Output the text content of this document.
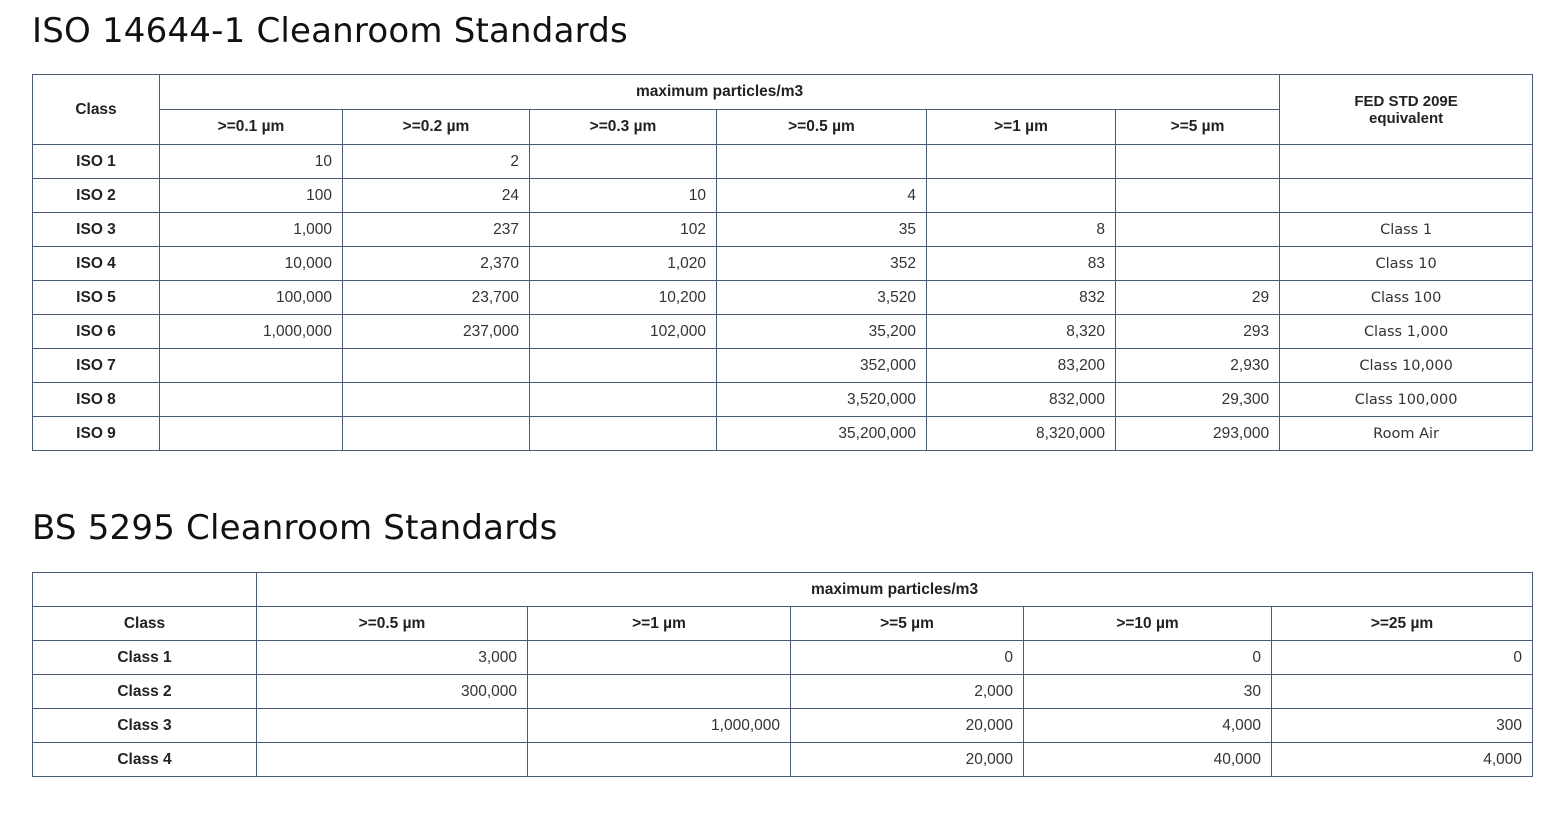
ISO 14644-1 Cleanroom Standards
Class	maximum particles/m3						FED STD 209E
equivalent

	>=0.1 µm	>=0.2 µm	>=0.3 µm	>=0.5 µm	>=1 µm	>=5 µm	
ISO 1	10	2					
ISO 2	100	24	10	4			
ISO 3	1,000	237	102	35	8		Class 1
ISO 4	10,000	2,370	1,020	352	83		Class 10
ISO 5	100,000	23,700	10,200	3,520	832	29	Class 100
ISO 6	1,000,000	237,000	102,000	35,200	8,320	293	Class 1,000
ISO 7				352,000	83,200	2,930	Class 10,000
ISO 8				3,520,000	832,000	29,300	Class 100,000
ISO 9				35,200,000	8,320,000	293,000	Room Air
BS 5295 Cleanroom Standards
	maximum particles/m3				
Class	>=0.5 µm	>=1 µm	>=5 µm	>=10 µm	>=25 µm
Class 1	3,000		0	0	0
Class 2	300,000		2,000	30	
Class 3		1,000,000	20,000	4,000	300
Class 4			20,000	40,000	4,000
